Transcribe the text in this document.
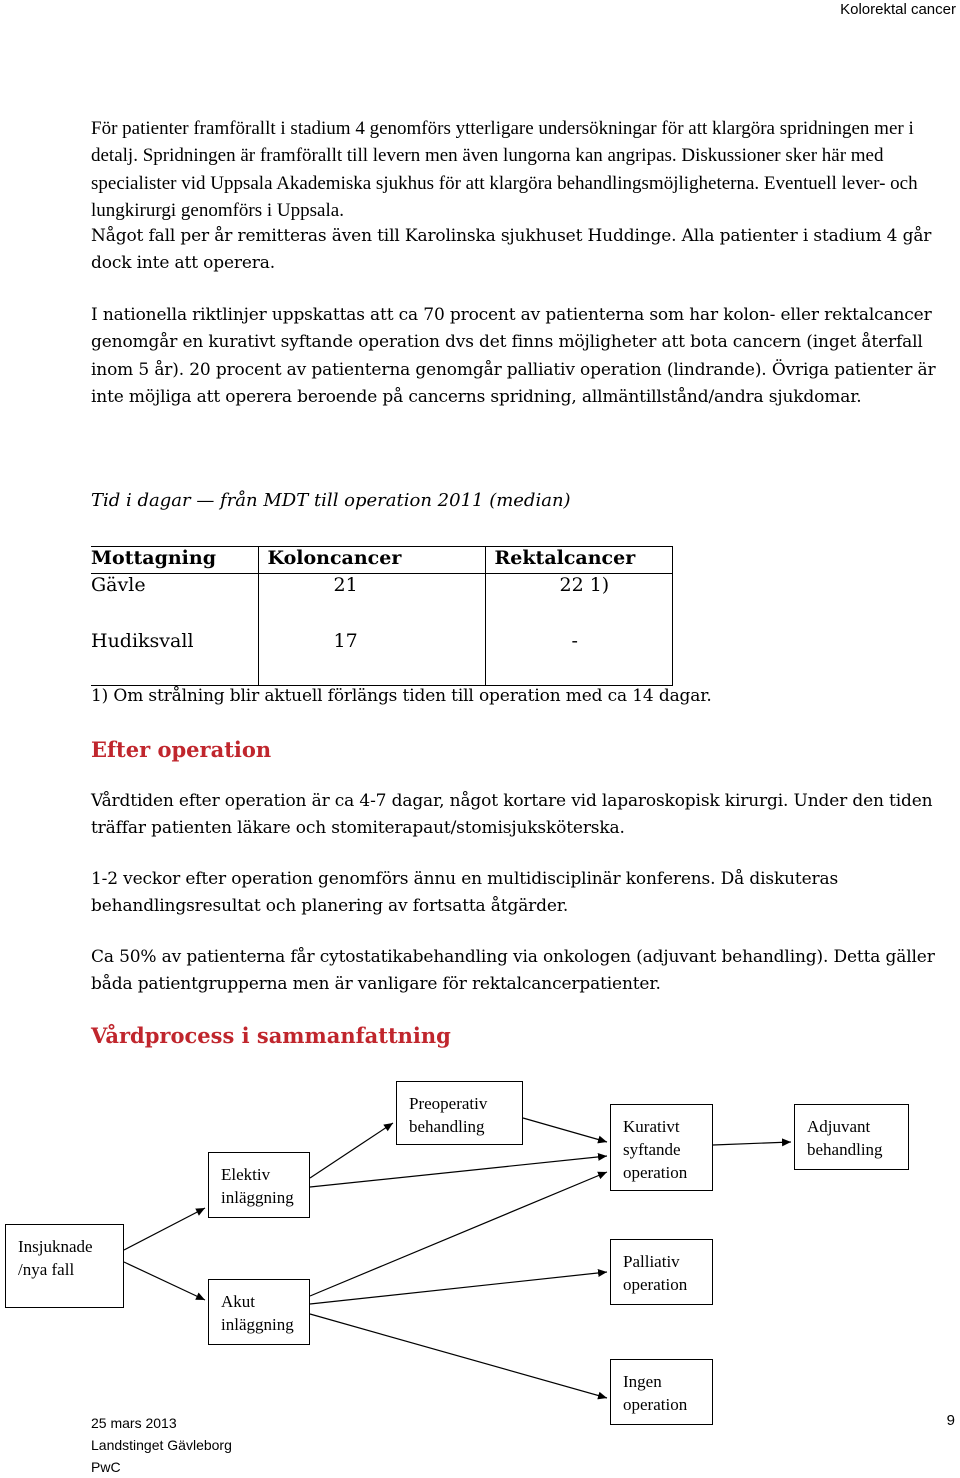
Kolorektal cancer
För patienter framförallt i stadium 4 genomförs ytterligare undersökningar för att klargöra spridningen mer i detalj. Spridningen är framförallt till levern men även lungorna kan angripas. Diskussioner sker här med specialister vid Uppsala Akademiska sjukhus för att klargöra behandlingsmöjligheterna. Eventuell lever- och lungkirurgi genomförs i Uppsala.
Något fall per år remitteras även till Karolinska sjukhuset Huddinge. Alla patienter i stadium 4 går dock inte att operera.
I nationella riktlinjer uppskattas att ca 70 procent av patienterna som har kolon- eller rektalcancer genomgår en kurativt syftande operation dvs det finns möjligheter att bota cancern (inget återfall inom 5 år). 20 procent av patienterna genomgår palliativ operation (lindrande). Övriga patienter är inte möjliga att operera beroende på cancerns spridning, allmäntillstånd/andra sjukdomar.
Tid i dagar — från MDT till operation 2011 (median)
Mottagning	Koloncancer	Rektalcancer
Gävle	21	22 1)
Hudiksvall	17	-
1) Om strålning blir aktuell förlängs tiden till operation med ca 14 dagar.
Efter operation
Vårdtiden efter operation är ca 4-7 dagar, något kortare vid laparoskopisk kirurgi. Under den tiden träffar patienten läkare och stomiterapaut/stomisjuksköterska.
1-2 veckor efter operation genomförs ännu en multidisciplinär konferens. Då diskuteras behandlingsresultat och planering av fortsatta åtgärder.
Ca 50% av patienterna får cytostatikabehandling via onkologen (adjuvant behandling). Detta gäller båda patientgrupperna men är vanligare för rektalcancerpatienter.
Vårdprocess i sammanfattning
Insjuknade /nya fall
Elektiv inläggning
Akut inläggning
Preoperativ behandling	Kurativt syftande operation
Adjuvant behandling
Palliativ operation
Ingen operation
25 mars 2013
Landstinget Gävleborg
PwC
9
